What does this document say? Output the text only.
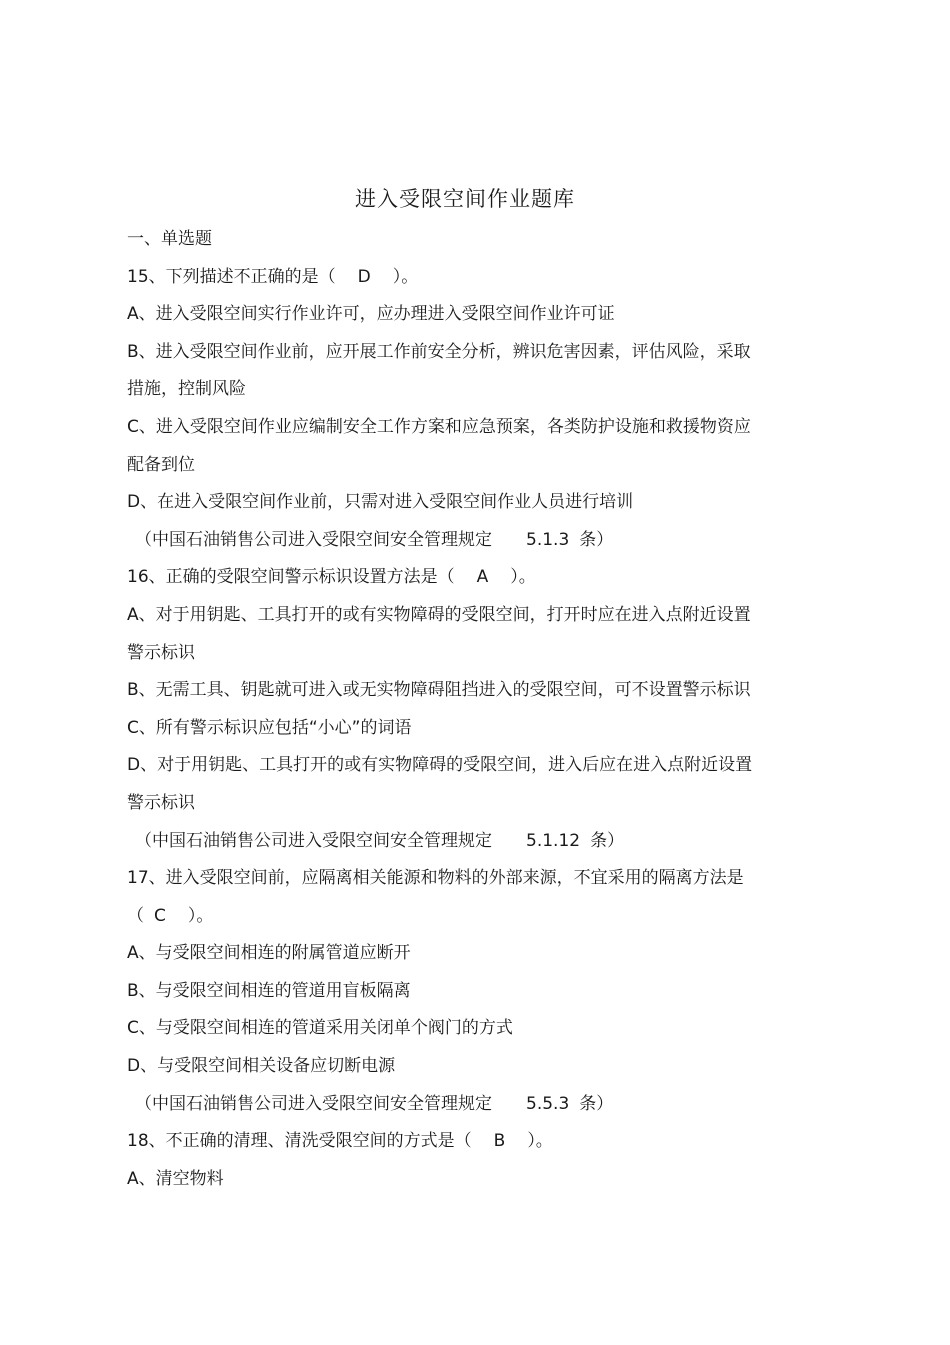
进入受限空间作业题库
一、单选题
15、下列描述不正确的是（ D ）。
A、进入受限空间实行作业许可，应办理进入受限空间作业许可证
B、进入受限空间作业前，应开展工作前安全分析，辨识危害因素，评估风险，采取
措施，控制风险
C、进入受限空间作业应编制安全工作方案和应急预案，各类防护设施和救援物资应
配备到位
D、在进入受限空间作业前，只需对进入受限空间作业人员进行培训
（中国石油销售公司进入受限空间安全管理规定 5.1.3 条）
16、正确的受限空间警示标识设置方法是（ A ）。
A、对于用钥匙、工具打开的或有实物障碍的受限空间，打开时应在进入点附近设置
警示标识
B、无需工具、钥匙就可进入或无实物障碍阻挡进入的受限空间，可不设置警示标识
C、所有警示标识应包括“小心”的词语
D、对于用钥匙、工具打开的或有实物障碍的受限空间，进入后应在进入点附近设置
警示标识
（中国石油销售公司进入受限空间安全管理规定 5.1.12 条）
17、进入受限空间前，应隔离相关能源和物料的外部来源，不宜采用的隔离方法是
（ C ）。
A、与受限空间相连的附属管道应断开
B、与受限空间相连的管道用盲板隔离
C、与受限空间相连的管道采用关闭单个阀门的方式
D、与受限空间相关设备应切断电源
（中国石油销售公司进入受限空间安全管理规定 5.5.3 条）
18、不正确的清理、清洗受限空间的方式是（ B ）。
A、清空物料
